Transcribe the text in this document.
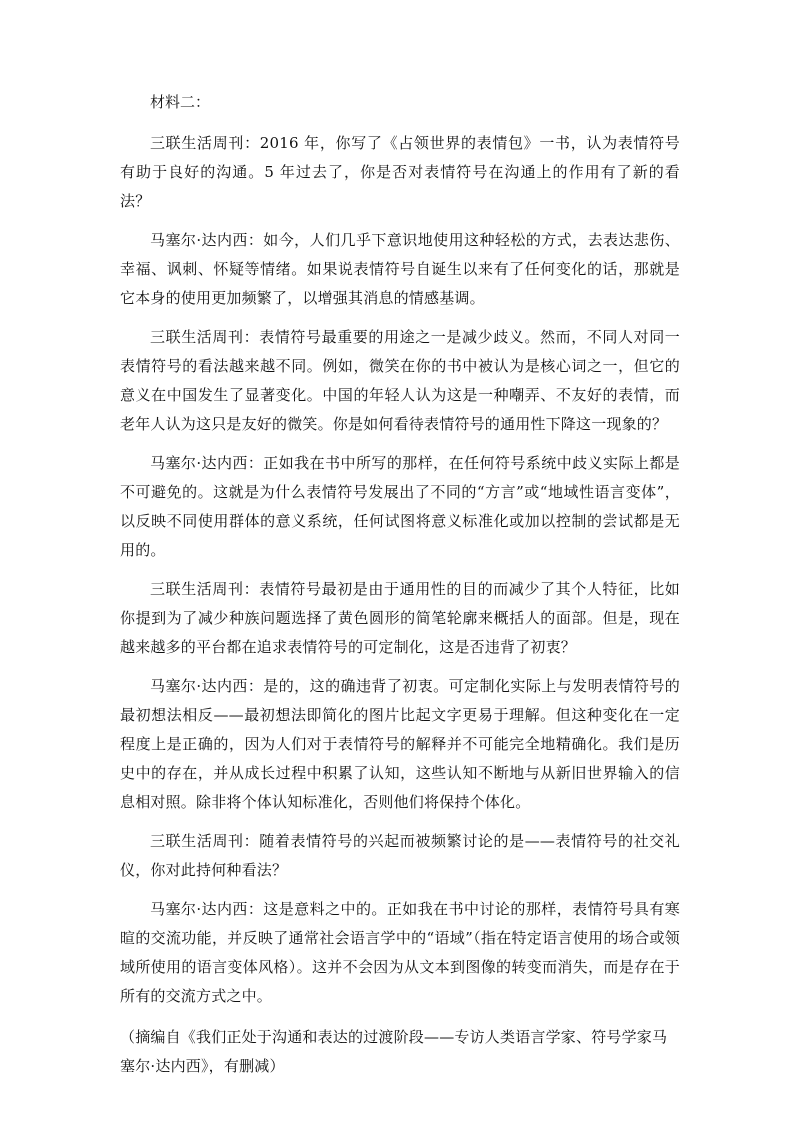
材料二：

三联生活周刊：2016 年，你写了《占领世界的表情包》一书，认为表情符号有助于良好的沟通。5 年过去了，你是否对表情符号在沟通上的作用有了新的看法？

马塞尔·达内西：如今，人们几乎下意识地使用这种轻松的方式，去表达悲伤、幸福、讽刺、怀疑等情绪。如果说表情符号自诞生以来有了任何变化的话，那就是它本身的使用更加频繁了，以增强其消息的情感基调。

三联生活周刊：表情符号最重要的用途之一是减少歧义。然而，不同人对同一表情符号的看法越来越不同。例如，微笑在你的书中被认为是核心词之一，但它的意义在中国发生了显著变化。中国的年轻人认为这是一种嘲弄、不友好的表情，而老年人认为这只是友好的微笑。你是如何看待表情符号的通用性下降这一现象的？

马塞尔·达内西：正如我在书中所写的那样，在任何符号系统中歧义实际上都是不可避免的。这就是为什么表情符号发展出了不同的“方言”或“地域性语言变体”，以反映不同使用群体的意义系统，任何试图将意义标准化或加以控制的尝试都是无用的。

三联生活周刊：表情符号最初是由于通用性的目的而减少了其个人特征，比如你提到为了减少种族问题选择了黄色圆形的简笔轮廓来概括人的面部。但是，现在越来越多的平台都在追求表情符号的可定制化，这是否违背了初衷？

马塞尔·达内西：是的，这的确违背了初衷。可定制化实际上与发明表情符号的最初想法相反——最初想法即简化的图片比起文字更易于理解。但这种变化在一定程度上是正确的，因为人们对于表情符号的解释并不可能完全地精确化。我们是历史中的存在，并从成长过程中积累了认知，这些认知不断地与从新旧世界输入的信息相对照。除非将个体认知标准化，否则他们将保持个体化。

三联生活周刊：随着表情符号的兴起而被频繁讨论的是——表情符号的社交礼仪，你对此持何种看法？

马塞尔·达内西：这是意料之中的。正如我在书中讨论的那样，表情符号具有寒暄的交流功能，并反映了通常社会语言学中的“语域”（指在特定语言使用的场合或领域所使用的语言变体风格）。这并不会因为从文本到图像的转变而消失，而是存在于所有的交流方式之中。

（摘编自《我们正处于沟通和表达的过渡阶段——专访人类语言学家、符号学家马塞尔·达内西》，有删减）
